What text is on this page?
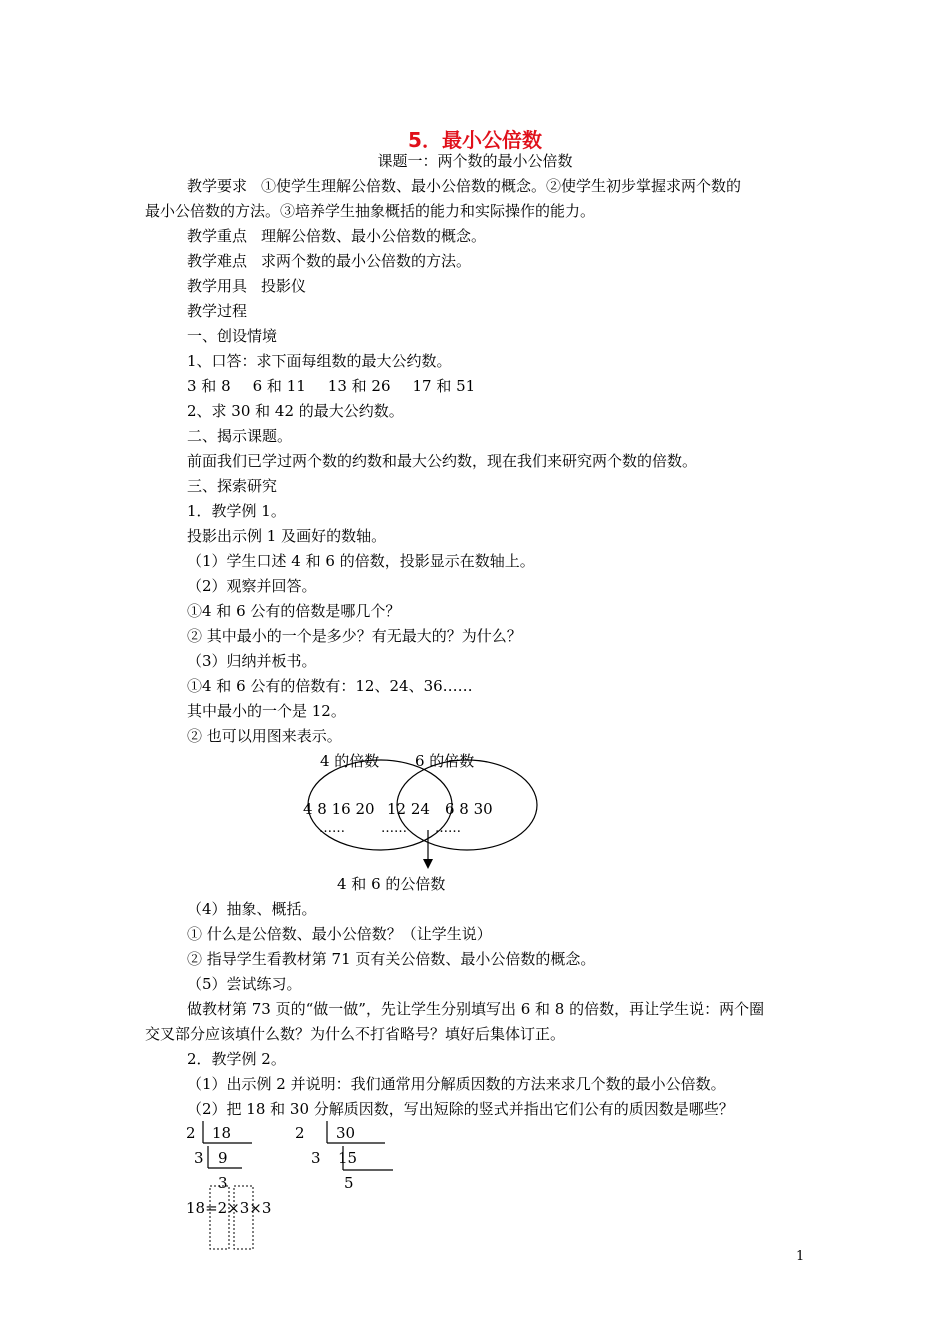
5．最小公倍数
课题一：两个数的最小公倍数
教学要求 ①使学生理解公倍数、最小公倍数的概念。②使学生初步掌握求两个数的
最小公倍数的方法。③培养学生抽象概括的能力和实际操作的能力。
教学重点 理解公倍数、最小公倍数的概念。
教学难点 求两个数的最小公倍数的方法。
教学用具 投影仪
教学过程
一、创设情境
1、口答：求下面每组数的最大公约数。
3 和 8 6 和 11 13 和 26 17 和 51
2、求 30 和 42 的最大公约数。
二、揭示课题。
前面我们已学过两个数的约数和最大公约数，现在我们来研究两个数的倍数。
三、探索研究
1．教学例 1。
投影出示例 1 及画好的数轴。
（1）学生口述 4 和 6 的倍数，投影显示在数轴上。
（2）观察并回答。
①4 和 6 公有的倍数是哪几个？
② 其中最小的一个是多少？有无最大的？为什么？
（3）归纳并板书。
①4 和 6 公有的倍数有：12、24、36……
其中最小的一个是 12。
② 也可以用图来表示。
4 的倍数 6 的倍数
4 8 16 20 12 24 6 8 30
……	…… ……
4 和 6 的公倍数
（4）抽象、概括。
① 什么是公倍数、最小公倍数？（让学生说）
② 指导学生看教材第 71 页有关公倍数、最小公倍数的概念。
（5）尝试练习。
做教材第 73 页的“做一做”，先让学生分别填写出 6 和 8 的倍数，再让学生说：两个圈
交叉部分应该填什么数？为什么不打省略号？填好后集体订正。
2．教学例 2。
（1）出示例 2 并说明：我们通常用分解质因数的方法来求几个数的最小公倍数。
（2）把 18 和 30 分解质因数，写出短除的竖式并指出它们公有的质因数是哪些？
2 18
3 9
3
2 30
3 15
5
18=2×3×3
1
